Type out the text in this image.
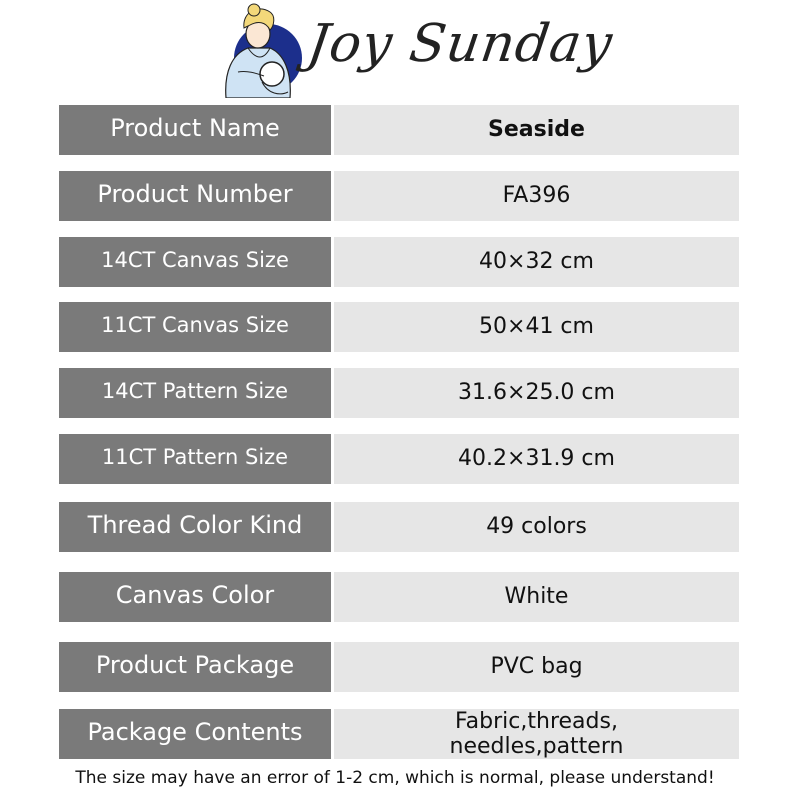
Joy Sunday
Product Name	Seaside
Product Number	FA396
14CT Canvas Size	40×32 cm
11CT Canvas Size	50×41 cm
14CT Pattern Size	31.6×25.0 cm
11CT Pattern Size	40.2×31.9 cm
Thread Color Kind	49 colors
Canvas Color	White
Product Package	PVC bag
Package Contents	Fabric,threads,
needles,pattern
The size may have an error of 1-2 cm, which is normal, please understand!
